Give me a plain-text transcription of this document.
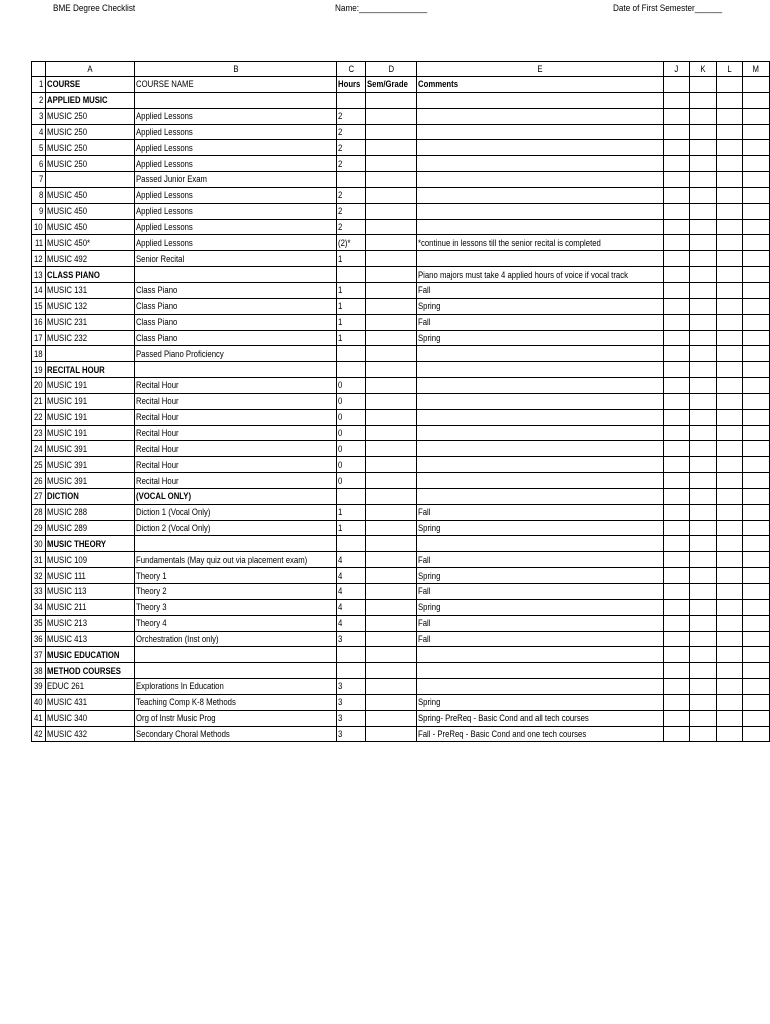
BME Degree Checklist	Name:_______________	Date of First Semester______
	A	B	C	D	E	J	K	L	M
1	COURSE	COURSE NAME	Hours	Sem/Grade	Comments				
2	APPLIED MUSIC								
3	MUSIC 250	Applied Lessons	2						
4	MUSIC 250	Applied Lessons	2						
5	MUSIC 250	Applied Lessons	2						
6	MUSIC 250	Applied Lessons	2						
7		Passed Junior Exam							
8	MUSIC 450	Applied Lessons	2						
9	MUSIC 450	Applied Lessons	2						
10	MUSIC 450	Applied Lessons	2						
11	MUSIC 450*	Applied Lessons	(2)*		*continue in lessons till the senior recital is completed				
12	MUSIC 492	Senior Recital	1						
13	CLASS PIANO				Piano majors must take 4 applied hours of voice if vocal track				
14	MUSIC 131	Class Piano	1		Fall				
15	MUSIC 132	Class Piano	1		Spring				
16	MUSIC 231	Class Piano	1		Fall				
17	MUSIC 232	Class Piano	1		Spring				
18		Passed Piano Proficiency							
19	RECITAL HOUR								
20	MUSIC 191	Recital Hour	0						
21	MUSIC 191	Recital Hour	0						
22	MUSIC 191	Recital Hour	0						
23	MUSIC 191	Recital Hour	0						
24	MUSIC 391	Recital Hour	0						
25	MUSIC 391	Recital Hour	0						
26	MUSIC 391	Recital Hour	0						
27	DICTION	(VOCAL ONLY)							
28	MUSIC 288	Diction 1 (Vocal Only)	1		Fall				
29	MUSIC 289	Diction 2 (Vocal Only)	1		Spring				
30	MUSIC THEORY								
31	MUSIC 109	Fundamentals (May quiz out via placement exam)	4		Fall				
32	MUSIC 111	Theory 1	4		Spring				
33	MUSIC 113	Theory 2	4		Fall				
34	MUSIC 211	Theory 3	4		Spring				
35	MUSIC 213	Theory 4	4		Fall				
36	MUSIC 413	Orchestration (Inst only)	3		Fall				
37	MUSIC EDUCATION								
38	METHOD COURSES								
39	EDUC 261	Explorations In Education	3						
40	MUSIC 431	Teaching Comp K-8 Methods	3		Spring				
41	MUSIC 340	Org of Instr Music Prog	3		Spring- PreReq - Basic Cond and all tech courses				
42	MUSIC 432	Secondary Choral Methods	3		Fall - PreReq - Basic Cond and one tech courses				
